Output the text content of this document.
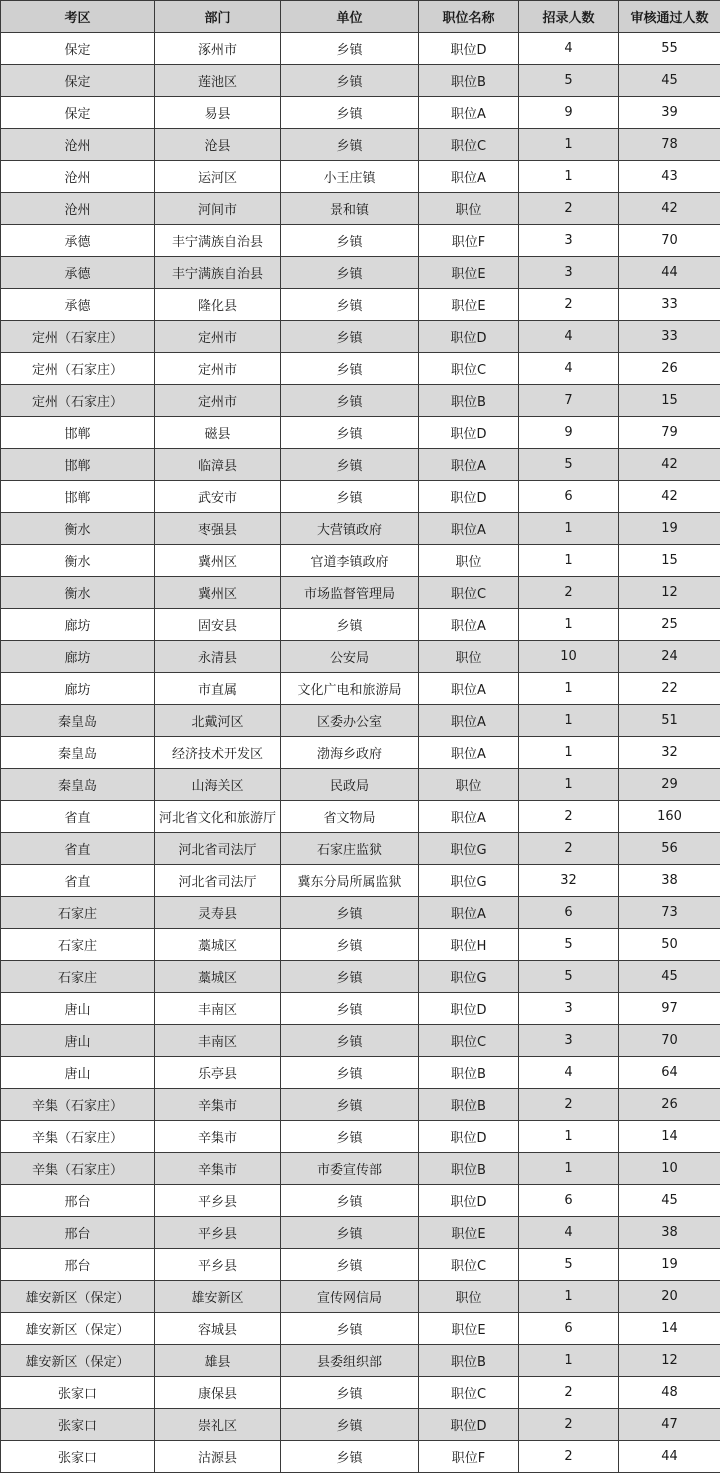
考区	部门	单位	职位名称	招录人数	审核通过人数
保定	涿州市	乡镇	职位D	4	55
保定	莲池区	乡镇	职位B	5	45
保定	易县	乡镇	职位A	9	39
沧州	沧县	乡镇	职位C	1	78
沧州	运河区	小王庄镇	职位A	1	43
沧州	河间市	景和镇	职位	2	42
承德	丰宁满族自治县	乡镇	职位F	3	70
承德	丰宁满族自治县	乡镇	职位E	3	44
承德	隆化县	乡镇	职位E	2	33
定州（石家庄）	定州市	乡镇	职位D	4	33
定州（石家庄）	定州市	乡镇	职位C	4	26
定州（石家庄）	定州市	乡镇	职位B	7	15
邯郸	磁县	乡镇	职位D	9	79
邯郸	临漳县	乡镇	职位A	5	42
邯郸	武安市	乡镇	职位D	6	42
衡水	枣强县	大营镇政府	职位A	1	19
衡水	冀州区	官道李镇政府	职位	1	15
衡水	冀州区	市场监督管理局	职位C	2	12
廊坊	固安县	乡镇	职位A	1	25
廊坊	永清县	公安局	职位	10	24
廊坊	市直属	文化广电和旅游局	职位A	1	22
秦皇岛	北戴河区	区委办公室	职位A	1	51
秦皇岛	经济技术开发区	渤海乡政府	职位A	1	32
秦皇岛	山海关区	民政局	职位	1	29
省直	河北省文化和旅游厅	省文物局	职位A	2	160
省直	河北省司法厅	石家庄监狱	职位G	2	56
省直	河北省司法厅	冀东分局所属监狱	职位G	32	38
石家庄	灵寿县	乡镇	职位A	6	73
石家庄	藁城区	乡镇	职位H	5	50
石家庄	藁城区	乡镇	职位G	5	45
唐山	丰南区	乡镇	职位D	3	97
唐山	丰南区	乡镇	职位C	3	70
唐山	乐亭县	乡镇	职位B	4	64
辛集（石家庄）	辛集市	乡镇	职位B	2	26
辛集（石家庄）	辛集市	乡镇	职位D	1	14
辛集（石家庄）	辛集市	市委宣传部	职位B	1	10
邢台	平乡县	乡镇	职位D	6	45
邢台	平乡县	乡镇	职位E	4	38
邢台	平乡县	乡镇	职位C	5	19
雄安新区（保定）	雄安新区	宣传网信局	职位	1	20
雄安新区（保定）	容城县	乡镇	职位E	6	14
雄安新区（保定）	雄县	县委组织部	职位B	1	12
张家口	康保县	乡镇	职位C	2	48
张家口	崇礼区	乡镇	职位D	2	47
张家口	沽源县	乡镇	职位F	2	44
